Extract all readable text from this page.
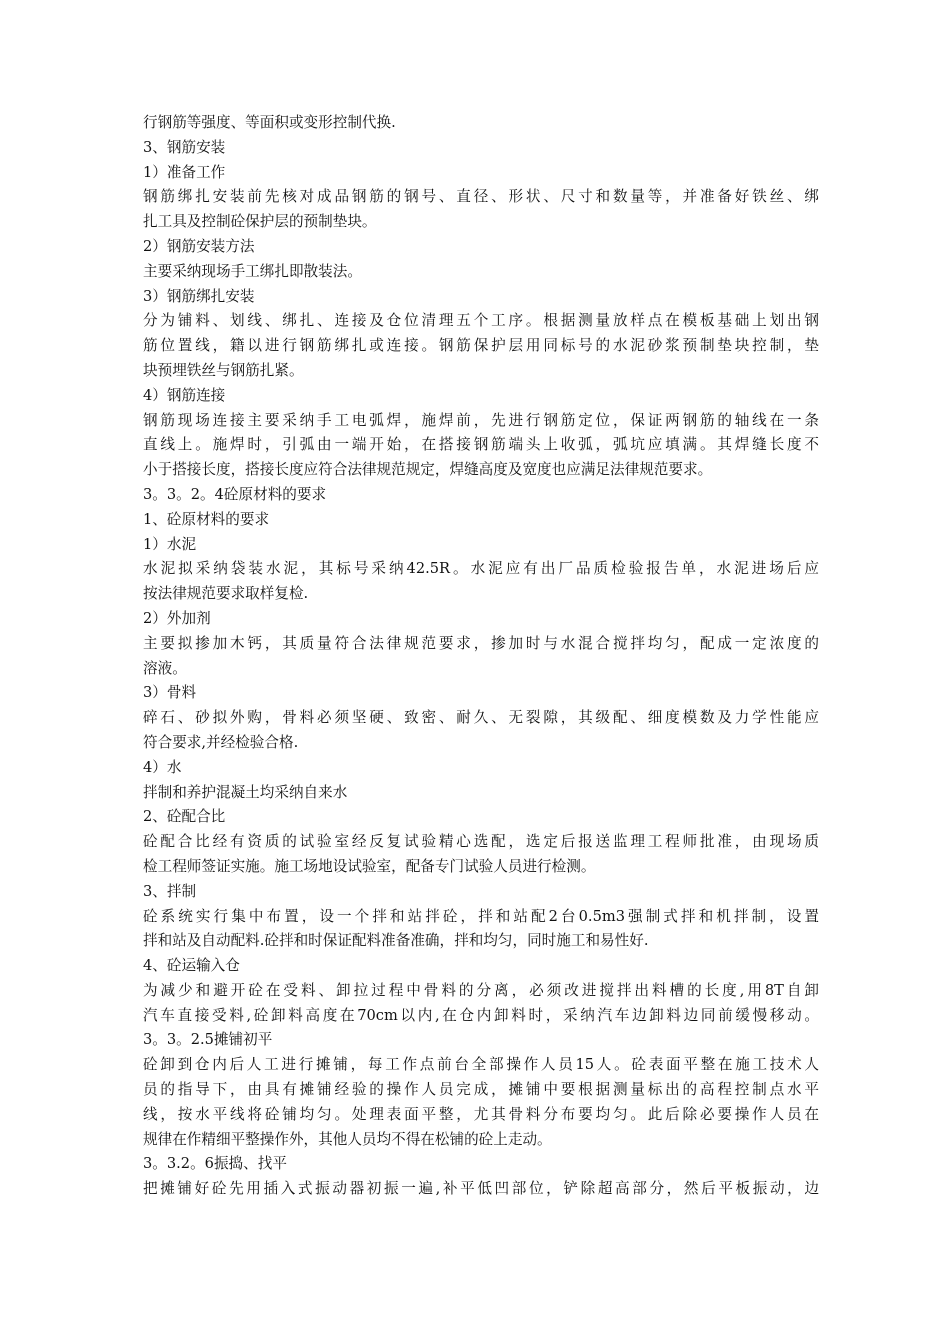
行钢筋等强度、等面积或变形控制代换.
3、钢筋安装
1）准备工作
钢筋绑扎安装前先核对成品钢筋的钢号、直径、形状、尺寸和数量等，并准备好铁丝、绑
扎工具及控制砼保护层的预制垫块。
2）钢筋安装方法
主要采纳现场手工绑扎即散装法。
3）钢筋绑扎安装
分为铺料、划线、绑扎、连接及仓位清理五个工序。根据测量放样点在模板基础上划出钢
筋位置线，籍以进行钢筋绑扎或连接。钢筋保护层用同标号的水泥砂浆预制垫块控制，垫
块预埋铁丝与钢筋扎紧。
4）钢筋连接
钢筋现场连接主要采纳手工电弧焊，施焊前，先进行钢筋定位，保证两钢筋的轴线在一条
直线上。施焊时，引弧由一端开始，在搭接钢筋端头上收弧，弧坑应填满。其焊缝长度不
小于搭接长度，搭接长度应符合法律规范规定，焊缝高度及宽度也应满足法律规范要求。
3。3。2。4砼原材料的要求
1、砼原材料的要求
1）水泥
水泥拟采纳袋装水泥，其标号采纳42.5R。水泥应有出厂品质检验报告单，水泥进场后应
按法律规范要求取样复检.
2）外加剂
主要拟掺加木钙，其质量符合法律规范要求，掺加时与水混合搅拌均匀，配成一定浓度的
溶液。
3）骨料
碎石、砂拟外购，骨料必须坚硬、致密、耐久、无裂隙，其级配、细度模数及力学性能应
符合要求,并经检验合格.
4）水
拌制和养护混凝土均采纳自来水
2、砼配合比
砼配合比经有资质的试验室经反复试验精心选配，选定后报送监理工程师批准，由现场质
检工程师签证实施。施工场地设试验室，配备专门试验人员进行检测。
3、拌制
砼系统实行集中布置，设一个拌和站拌砼，拌和站配2台0.5m3强制式拌和机拌制，设置
拌和站及自动配料.砼拌和时保证配料准备准确，拌和均匀，同时施工和易性好.
4、砼运输入仓
为减少和避开砼在受料、卸拉过程中骨料的分离，必须改进搅拌出料槽的长度,用8T自卸
汽车直接受料,砼卸料高度在70cm以内,在仓内卸料时，采纳汽车边卸料边同前缓慢移动。
3。3。2.5摊铺初平
砼卸到仓内后人工进行摊铺，每工作点前台全部操作人员15人。砼表面平整在施工技术人
员的指导下，由具有摊铺经验的操作人员完成，摊铺中要根据测量标出的高程控制点水平
线，按水平线将砼铺均匀。处理表面平整，尤其骨料分布要均匀。此后除必要操作人员在
规律在作精细平整操作外，其他人员均不得在松铺的砼上走动。
3。3.2。6振捣、找平
把摊铺好砼先用插入式振动器初振一遍,补平低凹部位，铲除超高部分，然后平板振动，边
